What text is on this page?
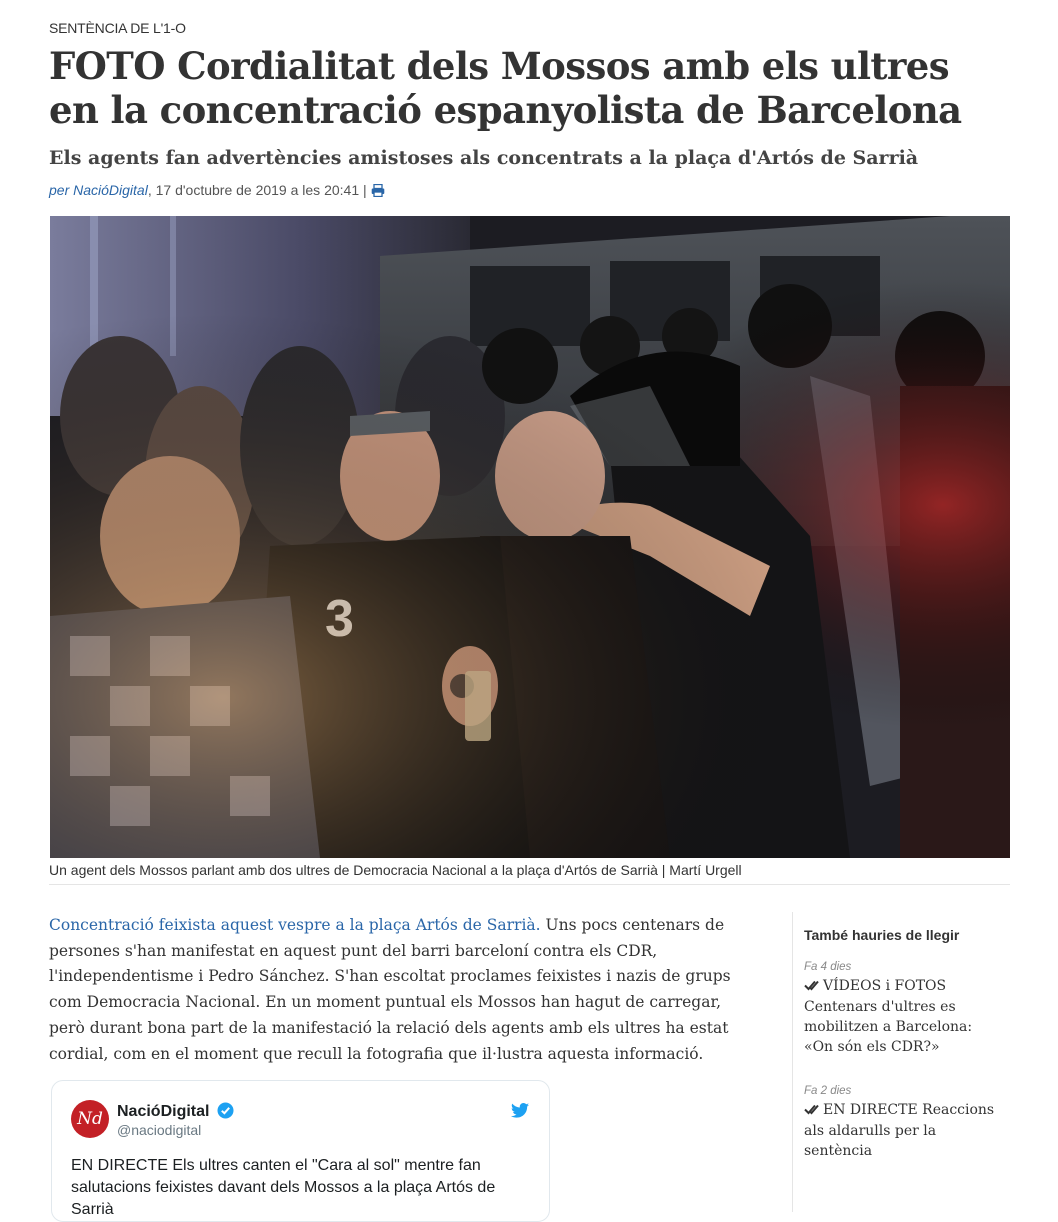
SENTÈNCIA DE L'1-O
FOTO Cordialitat dels Mossos amb els ultres en la concentració espanyolista de Barcelona
Els agents fan advertències amistoses als concentrats a la plaça d'Artós de Sarrià
per NacióDigital, 17 d'octubre de 2019 a les 20:41 |
Un agent dels Mossos parlant amb dos ultres de Democracia Nacional a la plaça d'Artós de Sarrià | Martí Urgell

Concentració feixista aquest vespre a la plaça Artós de Sarrià. Uns pocs centenars de persones s'han manifestat en aquest punt del barri barceloní contra els CDR, l'independentisme i Pedro Sánchez. S'han escoltat proclames feixistes i nazis de grups com Democracia Nacional. En un moment puntual els Mossos han hagut de carregar, però durant bona part de la manifestació la relació dels agents amb els ultres ha estat cordial, com en el moment que recull la fotografia que il·lustra aquesta informació.

Nd NacióDigital
@naciodigital
EN DIRECTE Els ultres canten el "Cara al sol" mentre fan salutacions feixistes davant dels Mossos a la plaça Artós de Sarrià
També hauries de llegir
Fa 4 dies
VÍDEOS i FOTOS Centenars d'ultres es mobilitzen a Barcelona: «On són els CDR?»
Fa 2 dies
EN DIRECTE Reaccions als aldarulls per la sentència
